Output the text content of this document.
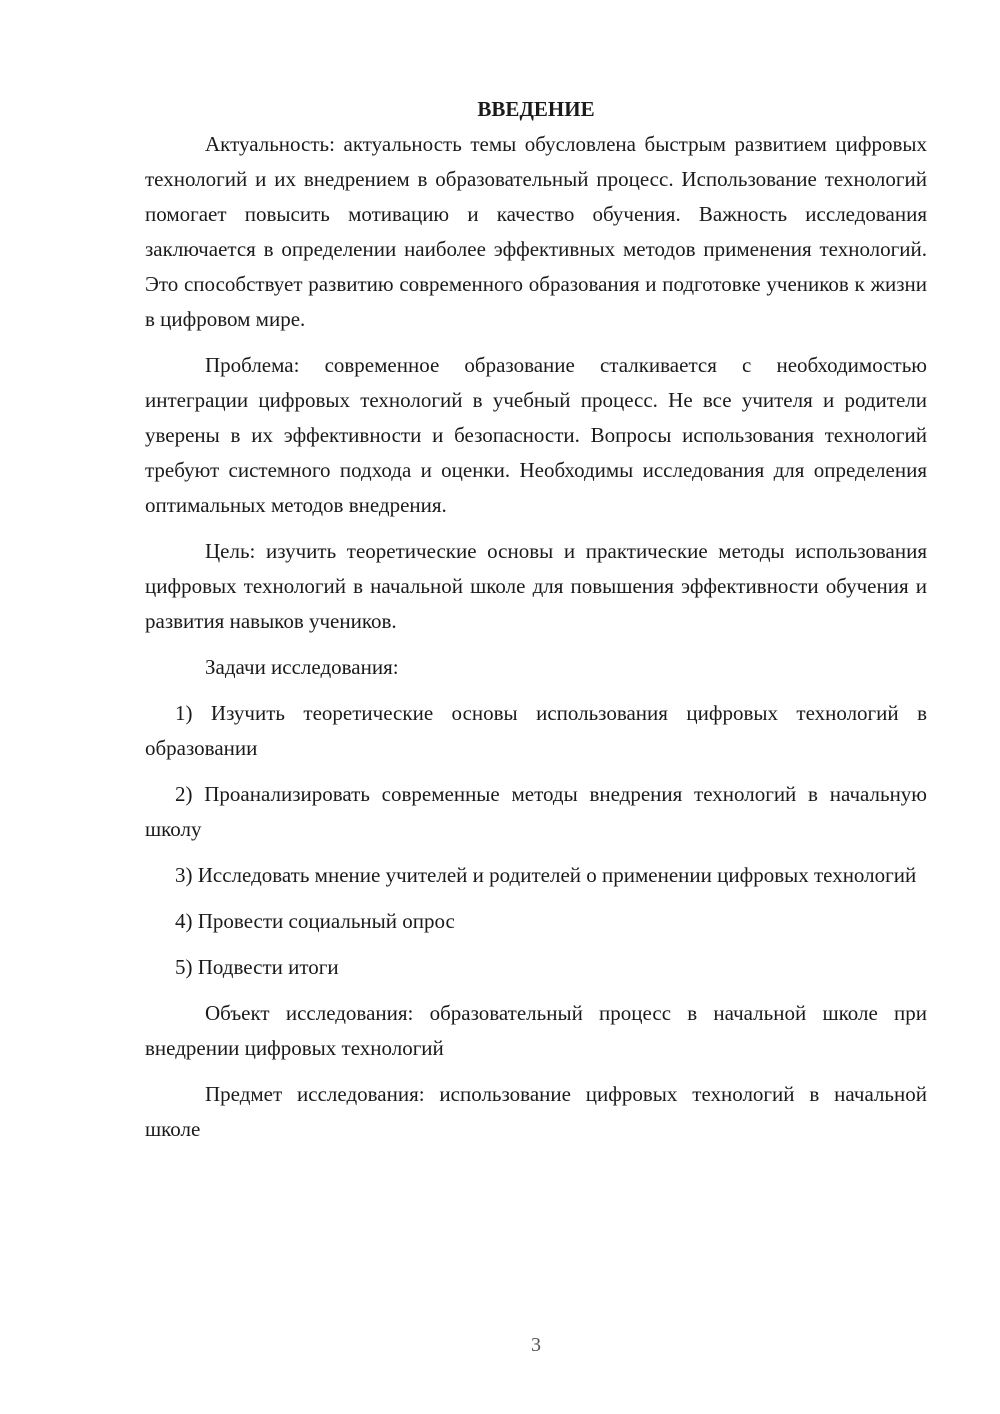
ВВЕДЕНИЕ

Актуальность: актуальность темы обусловлена быстрым развитием цифровых технологий и их внедрением в образовательный процесс. Использование технологий помогает повысить мотивацию и качество обучения. Важность исследования заключается в определении наиболее эффективных методов применения технологий. Это способствует развитию современного образования и подготовке учеников к жизни в цифровом мире.

Проблема: современное образование сталкивается с необходимостью интеграции цифровых технологий в учебный процесс. Не все учителя и родители уверены в их эффективности и безопасности. Вопросы использования технологий требуют системного подхода и оценки. Необходимы исследования для определения оптимальных методов внедрения.

Цель: изучить теоретические основы и практические методы использования цифровых технологий в начальной школе для повышения эффективности обучения и развития навыков учеников.

Задачи исследования:

1) Изучить теоретические основы использования цифровых технологий в образовании

2) Проанализировать современные методы внедрения технологий в начальную школу

3) Исследовать мнение учителей и родителей о применении цифровых технологий

4) Провести социальный опрос

5) Подвести итоги

Объект исследования: образовательный процесс в начальной школе при внедрении цифровых технологий

Предмет исследования: использование цифровых технологий в начальной школе

3
